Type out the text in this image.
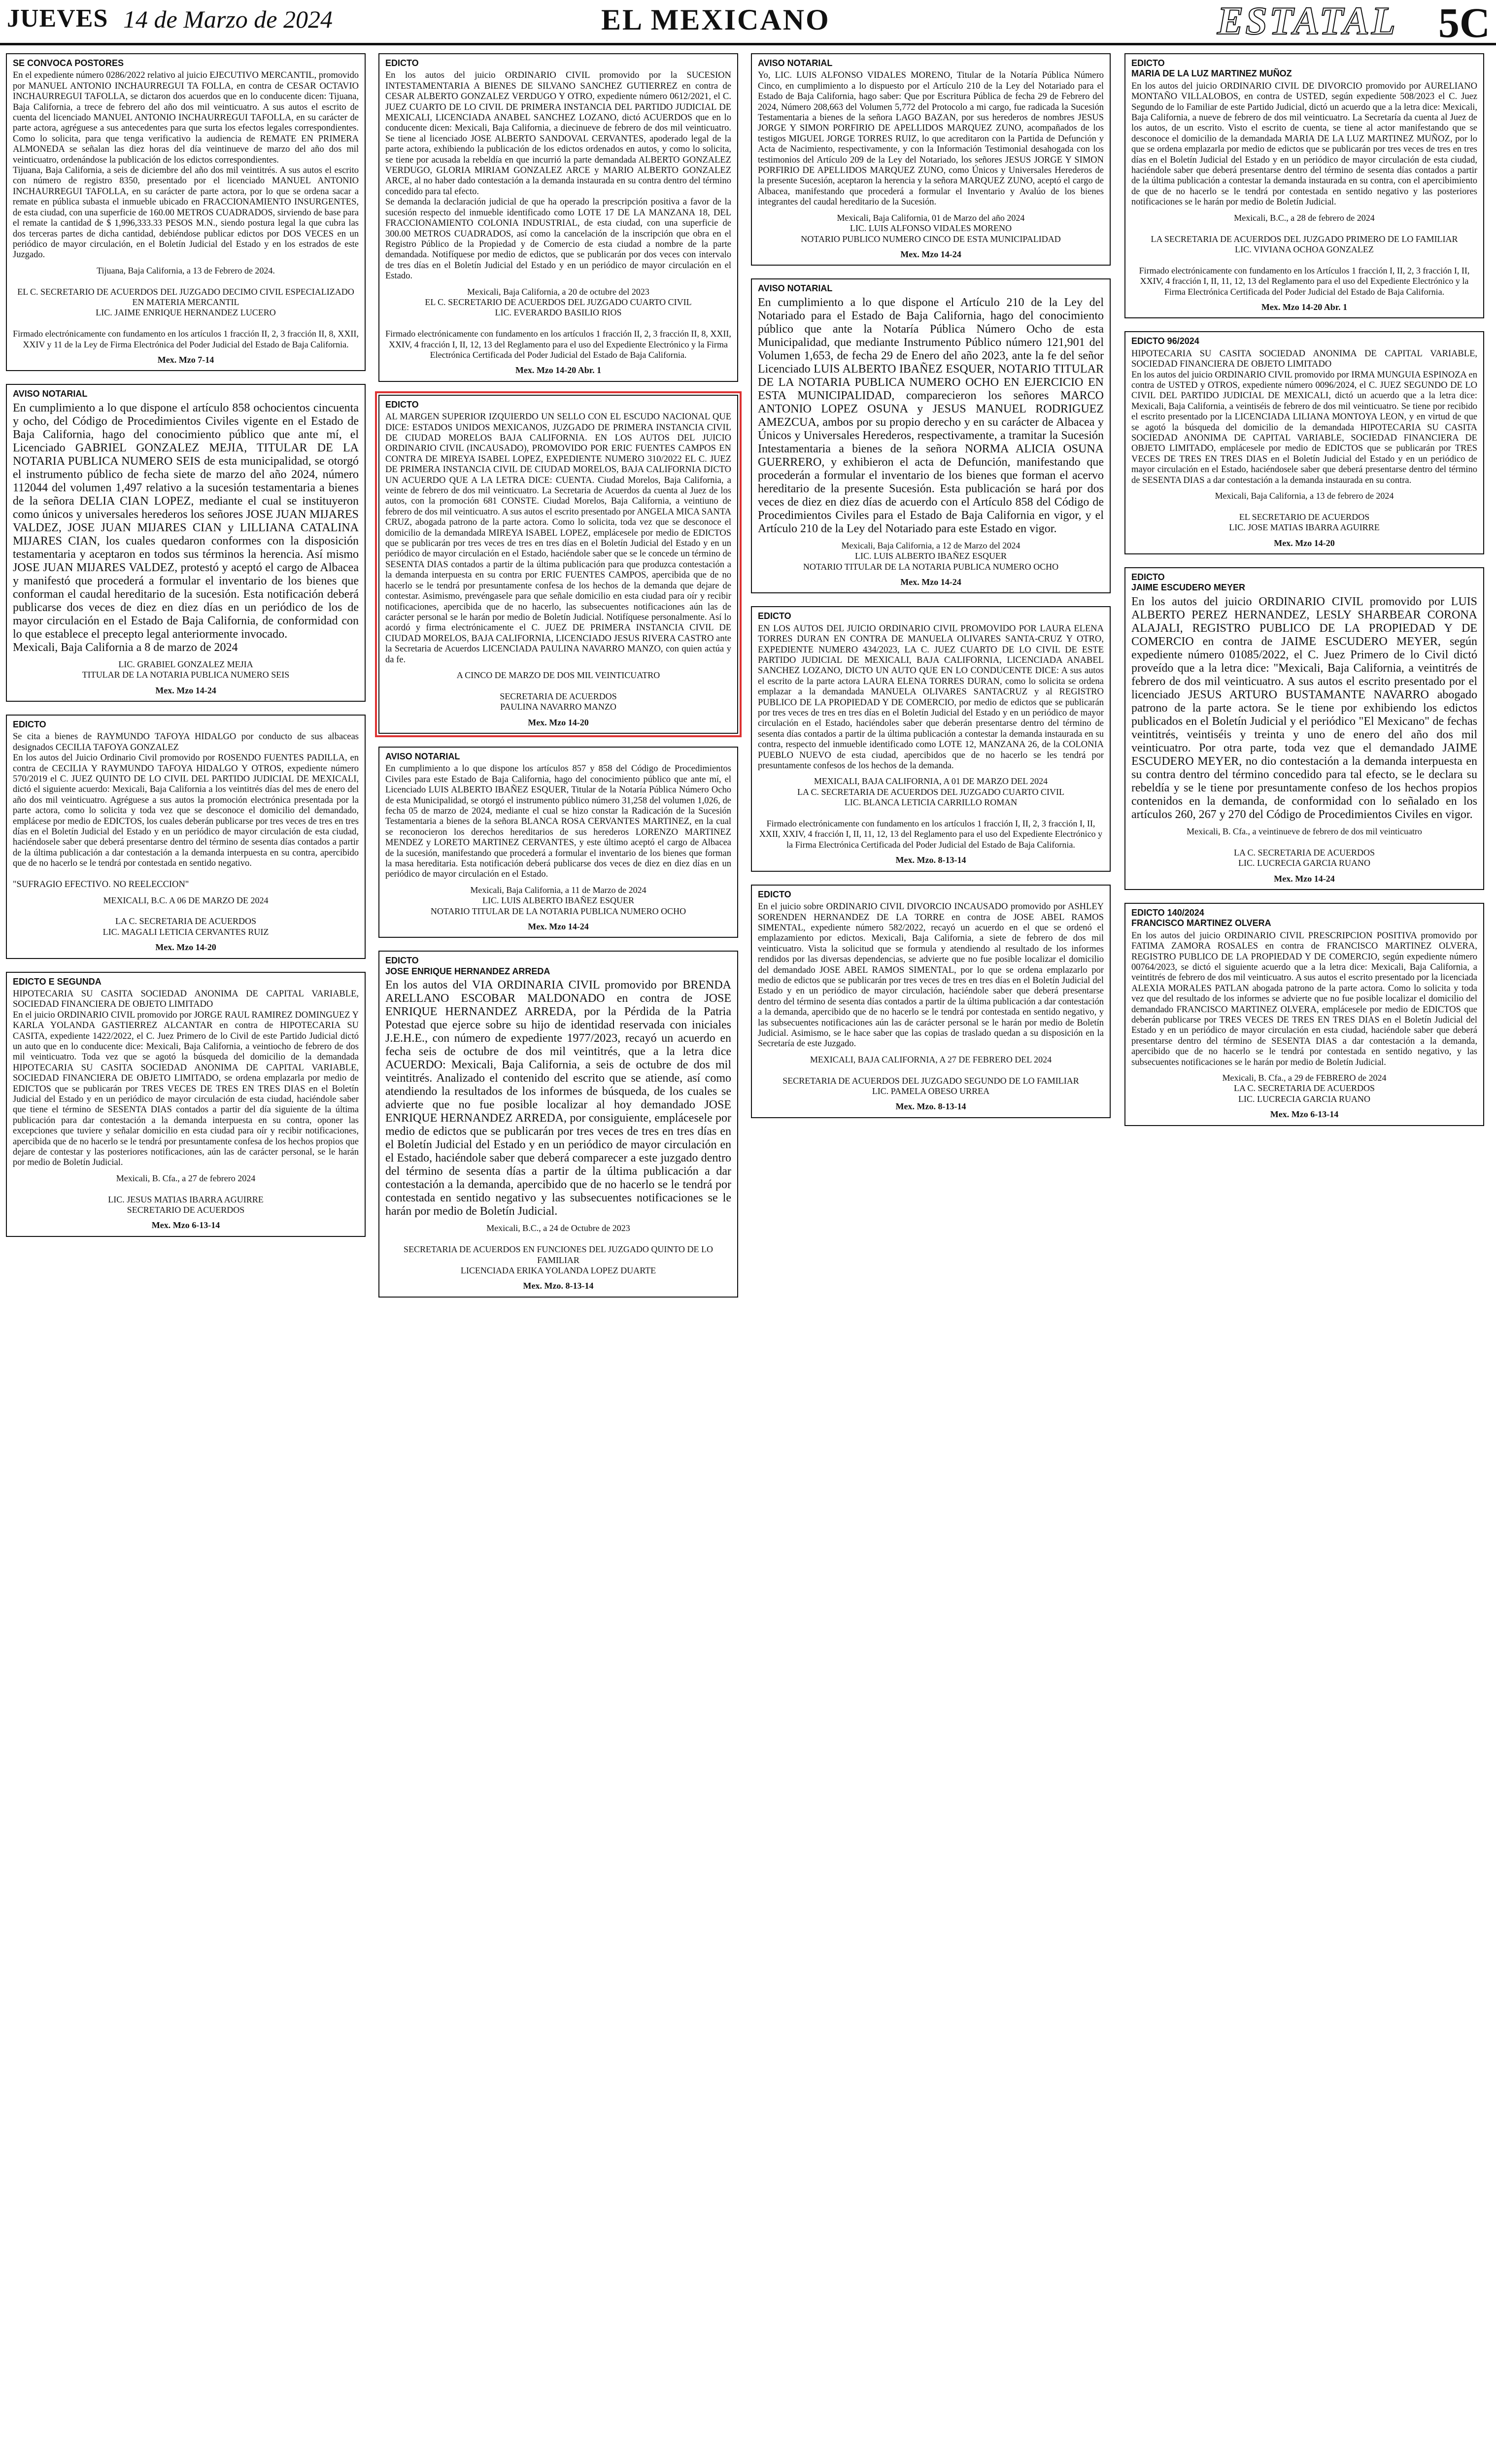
JUEVES 14 de Marzo de 2024	EL MEXICANO	ESTATAL 5C
SE CONVOCA POSTORES
En el expediente número 0286/2022 relativo al juicio EJECUTIVO MERCANTIL, promovido por MANUEL ANTONIO INCHAURREGUI TA FOLLA, en contra de CESAR OCTAVIO INCHAURREGUI TAFOLLA, se dictaron dos acuerdos que en lo conducente dicen: Tijuana, Baja California, a trece de febrero del año dos mil veinticuatro. A sus autos el escrito de cuenta del licenciado MANUEL ANTONIO INCHAURREGUI TAFOLLA, en su carácter de parte actora, agréguese a sus antecedentes para que surta los efectos legales correspondientes. Como lo solicita, para que tenga verificativo la audiencia de REMATE EN PRIMERA ALMONEDA se señalan las diez horas del día veintinueve de marzo del año dos mil veinticuatro, ordenándose la publicación de los edictos correspondientes.
Tijuana, Baja California, a seis de diciembre del año dos mil veintitrés. A sus autos el escrito con número de registro 8350, presentado por el licenciado MANUEL ANTONIO INCHAURREGUI TAFOLLA, en su carácter de parte actora, por lo que se ordena sacar a remate en pública subasta el inmueble ubicado en FRACCIONAMIENTO INSURGENTES, de esta ciudad, con una superficie de 160.00 METROS CUADRADOS, sirviendo de base para el remate la cantidad de $ 1,996,333.33 PESOS M.N., siendo postura legal la que cubra las dos terceras partes de dicha cantidad, debiéndose publicar edictos por DOS VECES en un periódico de mayor circulación, en el Boletín Judicial del Estado y en los estrados de este Juzgado.
Tijuana, Baja California, a 13 de Febrero de 2024.

EL C. SECRETARIO DE ACUERDOS DEL JUZGADO DECIMO CIVIL ESPECIALIZADO EN MATERIA MERCANTIL
LIC. JAIME ENRIQUE HERNANDEZ LUCERO

Firmado electrónicamente con fundamento en los artículos 1 fracción II, 2, 3 fracción II, 8, XXII, XXIV y 11 de la Ley de Firma Electrónica del Poder Judicial del Estado de Baja California.
Mex. Mzo 7-14
AVISO NOTARIAL
En cumplimiento a lo que dispone el artículo 858 ochocientos cincuenta y ocho, del Código de Procedimientos Civiles vigente en el Estado de Baja California, hago del conocimiento público que ante mí, el Licenciado GABRIEL GONZALEZ MEJIA, TITULAR DE LA NOTARIA PUBLICA NUMERO SEIS de esta municipalidad, se otorgó el instrumento público de fecha siete de marzo del año 2024, número 112044 del volumen 1,497 relativo a la sucesión testamentaria a bienes de la señora DELIA CIAN LOPEZ, mediante el cual se instituyeron como únicos y universales herederos los señores JOSE JUAN MIJARES VALDEZ, JOSE JUAN MIJARES CIAN y LILLIANA CATALINA MIJARES CIAN, los cuales quedaron conformes con la disposición testamentaria y aceptaron en todos sus términos la herencia. Así mismo JOSE JUAN MIJARES VALDEZ, protestó y aceptó el cargo de Albacea y manifestó que procederá a formular el inventario de los bienes que conforman el caudal hereditario de la sucesión. Esta notificación deberá publicarse dos veces de diez en diez días en un periódico de los de mayor circulación en el Estado de Baja California, de conformidad con lo que establece el precepto legal anteriormente invocado.
Mexicali, Baja California a 8 de marzo de 2024
LIC. GRABIEL GONZALEZ MEJIA
TITULAR DE LA NOTARIA PUBLICA NUMERO SEIS
Mex. Mzo 14-24
EDICTO
Se cita a bienes de RAYMUNDO TAFOYA HIDALGO por conducto de sus albaceas designados CECILIA TAFOYA GONZALEZ
En los autos del Juicio Ordinario Civil promovido por ROSENDO FUENTES PADILLA, en contra de CECILIA Y RAYMUNDO TAFOYA HIDALGO Y OTROS, expediente número 570/2019 el C. JUEZ QUINTO DE LO CIVIL DEL PARTIDO JUDICIAL DE MEXICALI, dictó el siguiente acuerdo: Mexicali, Baja California a los veintitrés días del mes de enero del año dos mil veinticuatro. Agréguese a sus autos la promoción electrónica presentada por la parte actora, como lo solicita y toda vez que se desconoce el domicilio del demandado, emplácese por medio de EDICTOS, los cuales deberán publicarse por tres veces de tres en tres días en el Boletín Judicial del Estado y en un periódico de mayor circulación de esta ciudad, haciéndosele saber que deberá presentarse dentro del término de sesenta días contados a partir de la última publicación a dar contestación a la demanda interpuesta en su contra, apercibido que de no hacerlo se le tendrá por contestada en sentido negativo.

"SUFRAGIO EFECTIVO. NO REELECCION"
MEXICALI, B.C. A 06 DE MARZO DE 2024

LA C. SECRETARIA DE ACUERDOS
LIC. MAGALI LETICIA CERVANTES RUIZ
Mex. Mzo 14-20
EDICTO E SEGUNDA
HIPOTECARIA SU CASITA SOCIEDAD ANONIMA DE CAPITAL VARIABLE, SOCIEDAD FINANCIERA DE OBJETO LIMITADO
En el juicio ORDINARIO CIVIL promovido por JORGE RAUL RAMIREZ DOMINGUEZ Y KARLA YOLANDA GASTIERREZ ALCANTAR en contra de HIPOTECARIA SU CASITA, expediente 1422/2022, el C. Juez Primero de lo Civil de este Partido Judicial dictó un auto que en lo conducente dice: Mexicali, Baja California, a veintiocho de febrero de dos mil veinticuatro. Toda vez que se agotó la búsqueda del domicilio de la demandada HIPOTECARIA SU CASITA SOCIEDAD ANONIMA DE CAPITAL VARIABLE, SOCIEDAD FINANCIERA DE OBJETO LIMITADO, se ordena emplazarla por medio de EDICTOS que se publicarán por TRES VECES DE TRES EN TRES DIAS en el Boletín Judicial del Estado y en un periódico de mayor circulación de esta ciudad, haciéndole saber que tiene el término de SESENTA DIAS contados a partir del día siguiente de la última publicación para dar contestación a la demanda interpuesta en su contra, oponer las excepciones que tuviere y señalar domicilio en esta ciudad para oír y recibir notificaciones, apercibida que de no hacerlo se le tendrá por presuntamente confesa de los hechos propios que dejare de contestar y las posteriores notificaciones, aún las de carácter personal, se le harán por medio de Boletín Judicial.
Mexicali, B. Cfa., a 27 de febrero 2024

LIC. JESUS MATIAS IBARRA AGUIRRE
SECRETARIO DE ACUERDOS
Mex. Mzo 6-13-14
EDICTO
En los autos del juicio ORDINARIO CIVIL promovido por la SUCESION INTESTAMENTARIA A BIENES DE SILVANO SANCHEZ GUTIERREZ en contra de CESAR ALBERTO GONZALEZ VERDUGO Y OTRO, expediente número 0612/2021, el C. JUEZ CUARTO DE LO CIVIL DE PRIMERA INSTANCIA DEL PARTIDO JUDICIAL DE MEXICALI, LICENCIADA ANABEL SANCHEZ LOZANO, dictó ACUERDOS que en lo conducente dicen: Mexicali, Baja California, a diecinueve de febrero de dos mil veinticuatro. Se tiene al licenciado JOSE ALBERTO SANDOVAL CERVANTES, apoderado legal de la parte actora, exhibiendo la publicación de los edictos ordenados en autos, y como lo solicita, se tiene por acusada la rebeldía en que incurrió la parte demandada ALBERTO GONZALEZ VERDUGO, GLORIA MIRIAM GONZALEZ ARCE y MARIO ALBERTO GONZALEZ ARCE, al no haber dado contestación a la demanda instaurada en su contra dentro del término concedido para tal efecto.
Se demanda la declaración judicial de que ha operado la prescripción positiva a favor de la sucesión respecto del inmueble identificado como LOTE 17 DE LA MANZANA 18, DEL FRACCIONAMIENTO COLONIA INDUSTRIAL, de esta ciudad, con una superficie de 300.00 METROS CUADRADOS, así como la cancelación de la inscripción que obra en el Registro Público de la Propiedad y de Comercio de esta ciudad a nombre de la parte demandada. Notifíquese por medio de edictos, que se publicarán por dos veces con intervalo de tres días en el Boletín Judicial del Estado y en un periódico de mayor circulación en el Estado.
Mexicali, Baja California, a 20 de octubre del 2023
EL C. SECRETARIO DE ACUERDOS DEL JUZGADO CUARTO CIVIL
LIC. EVERARDO BASILIO RIOS

Firmado electrónicamente con fundamento en los artículos 1 fracción II, 2, 3 fracción II, 8, XXII, XXIV, 4 fracción I, II, 12, 13 del Reglamento para el uso del Expediente Electrónico y la Firma Electrónica Certificada del Poder Judicial del Estado de Baja California.
Mex. Mzo 14-20 Abr. 1
EDICTO
AL MARGEN SUPERIOR IZQUIERDO UN SELLO CON EL ESCUDO NACIONAL QUE DICE: ESTADOS UNIDOS MEXICANOS, JUZGADO DE PRIMERA INSTANCIA CIVIL DE CIUDAD MORELOS BAJA CALIFORNIA. EN LOS AUTOS DEL JUICIO ORDINARIO CIVIL (INCAUSADO), PROMOVIDO POR ERIC FUENTES CAMPOS EN CONTRA DE MIREYA ISABEL LOPEZ, EXPEDIENTE NUMERO 310/2022 EL C. JUEZ DE PRIMERA INSTANCIA CIVIL DE CIUDAD MORELOS, BAJA CALIFORNIA DICTO UN ACUERDO QUE A LA LETRA DICE: CUENTA. Ciudad Morelos, Baja California, a veinte de febrero de dos mil veinticuatro. La Secretaria de Acuerdos da cuenta al Juez de los autos, con la promoción 681 CONSTE. Ciudad Morelos, Baja California, a veintiuno de febrero de dos mil veinticuatro. A sus autos el escrito presentado por ANGELA MICA SANTA CRUZ, abogada patrono de la parte actora. Como lo solicita, toda vez que se desconoce el domicilio de la demandada MIREYA ISABEL LOPEZ, emplácesele por medio de EDICTOS que se publicarán por tres veces de tres en tres días en el Boletín Judicial del Estado y en un periódico de mayor circulación en el Estado, haciéndole saber que se le concede un término de SESENTA DIAS contados a partir de la última publicación para que produzca contestación a la demanda interpuesta en su contra por ERIC FUENTES CAMPOS, apercibida que de no hacerlo se le tendrá por presuntamente confesa de los hechos de la demanda que dejare de contestar. Asimismo, prevéngasele para que señale domicilio en esta ciudad para oír y recibir notificaciones, apercibida que de no hacerlo, las subsecuentes notificaciones aún las de carácter personal se le harán por medio de Boletín Judicial. Notifíquese personalmente. Así lo acordó y firma electrónicamente el C. JUEZ DE PRIMERA INSTANCIA CIVIL DE CIUDAD MORELOS, BAJA CALIFORNIA, LICENCIADO JESUS RIVERA CASTRO ante la Secretaria de Acuerdos LICENCIADA PAULINA NAVARRO MANZO, con quien actúa y da fe.
A CINCO DE MARZO DE DOS MIL VEINTICUATRO

SECRETARIA DE ACUERDOS
PAULINA NAVARRO MANZO
Mex. Mzo 14-20
AVISO NOTARIAL
En cumplimiento a lo que dispone los artículos 857 y 858 del Código de Procedimientos Civiles para este Estado de Baja California, hago del conocimiento público que ante mí, el Licenciado LUIS ALBERTO IBAÑEZ ESQUER, Titular de la Notaría Pública Número Ocho de esta Municipalidad, se otorgó el instrumento público número 31,258 del volumen 1,026, de fecha 05 de marzo de 2024, mediante el cual se hizo constar la Radicación de la Sucesión Testamentaria a bienes de la señora BLANCA ROSA CERVANTES MARTINEZ, en la cual se reconocieron los derechos hereditarios de sus herederos LORENZO MARTINEZ MENDEZ y LORETO MARTINEZ CERVANTES, y este último aceptó el cargo de Albacea de la sucesión, manifestando que procederá a formular el inventario de los bienes que forman la masa hereditaria. Esta notificación deberá publicarse dos veces de diez en diez días en un periódico de mayor circulación en el Estado.
Mexicali, Baja California, a 11 de Marzo de 2024
LIC. LUIS ALBERTO IBAÑEZ ESQUER
NOTARIO TITULAR DE LA NOTARIA PUBLICA NUMERO OCHO
Mex. Mzo 14-24
EDICTO
JOSE ENRIQUE HERNANDEZ ARREDA
En los autos del VIA ORDINARIA CIVIL promovido por BRENDA ARELLANO ESCOBAR MALDONADO en contra de JOSE ENRIQUE HERNANDEZ ARREDA, por la Pérdida de la Patria Potestad que ejerce sobre su hijo de identidad reservada con iniciales J.E.H.E., con número de expediente 1977/2023, recayó un acuerdo en fecha seis de octubre de dos mil veintitrés, que a la letra dice ACUERDO: Mexicali, Baja California, a seis de octubre de dos mil veintitrés. Analizado el contenido del escrito que se atiende, así como atendiendo la resultados de los informes de búsqueda, de los cuales se advierte que no fue posible localizar al hoy demandado JOSE ENRIQUE HERNANDEZ ARREDA, por consiguiente, emplácesele por medio de edictos que se publicarán por tres veces de tres en tres días en el Boletín Judicial del Estado y en un periódico de mayor circulación en el Estado, haciéndole saber que deberá comparecer a este juzgado dentro del término de sesenta días a partir de la última publicación a dar contestación a la demanda, apercibido que de no hacerlo se le tendrá por contestada en sentido negativo y las subsecuentes notificaciones se le harán por medio de Boletín Judicial.
Mexicali, B.C., a 24 de Octubre de 2023

SECRETARIA DE ACUERDOS EN FUNCIONES DEL JUZGADO QUINTO DE LO FAMILIAR
LICENCIADA ERIKA YOLANDA LOPEZ DUARTE
Mex. Mzo. 8-13-14
AVISO NOTARIAL
Yo, LIC. LUIS ALFONSO VIDALES MORENO, Titular de la Notaría Pública Número Cinco, en cumplimiento a lo dispuesto por el Artículo 210 de la Ley del Notariado para el Estado de Baja California, hago saber: Que por Escritura Pública de fecha 29 de Febrero del 2024, Número 208,663 del Volumen 5,772 del Protocolo a mi cargo, fue radicada la Sucesión Testamentaria a bienes de la señora LAGO BAZAN, por sus herederos de nombres JESUS JORGE Y SIMON PORFIRIO DE APELLIDOS MARQUEZ ZUNO, acompañados de los testigos MIGUEL JORGE TORRES RUIZ, lo que acreditaron con la Partida de Defunción y Acta de Nacimiento, respectivamente, y con la Información Testimonial desahogada con los testimonios del Artículo 209 de la Ley del Notariado, los señores JESUS JORGE Y SIMON PORFIRIO DE APELLIDOS MARQUEZ ZUNO, como Únicos y Universales Herederos de la presente Sucesión, aceptaron la herencia y la señora MARQUEZ ZUNO, aceptó el cargo de Albacea, manifestando que procederá a formular el Inventario y Avalúo de los bienes integrantes del caudal hereditario de la Sucesión.
Mexicali, Baja California, 01 de Marzo del año 2024
LIC. LUIS ALFONSO VIDALES MORENO
NOTARIO PUBLICO NUMERO CINCO DE ESTA MUNICIPALIDAD
Mex. Mzo 14-24
AVISO NOTARIAL
En cumplimiento a lo que dispone el Artículo 210 de la Ley del Notariado para el Estado de Baja California, hago del conocimiento público que ante la Notaría Pública Número Ocho de esta Municipalidad, que mediante Instrumento Público número 121,901 del Volumen 1,653, de fecha 29 de Enero del año 2023, ante la fe del señor Licenciado LUIS ALBERTO IBAÑEZ ESQUER, NOTARIO TITULAR DE LA NOTARIA PUBLICA NUMERO OCHO EN EJERCICIO EN ESTA MUNICIPALIDAD, comparecieron los señores MARCO ANTONIO LOPEZ OSUNA y JESUS MANUEL RODRIGUEZ AMEZCUA, ambos por su propio derecho y en su carácter de Albacea y Únicos y Universales Herederos, respectivamente, a tramitar la Sucesión Intestamentaria a bienes de la señora NORMA ALICIA OSUNA GUERRERO, y exhibieron el acta de Defunción, manifestando que procederán a formular el inventario de los bienes que forman el acervo hereditario de la presente Sucesión. Esta publicación se hará por dos veces de diez en diez días de acuerdo con el Artículo 858 del Código de Procedimientos Civiles para el Estado de Baja California en vigor, y el Artículo 210 de la Ley del Notariado para este Estado en vigor.
Mexicali, Baja California, a 12 de Marzo del 2024
LIC. LUIS ALBERTO IBAÑEZ ESQUER
NOTARIO TITULAR DE LA NOTARIA PUBLICA NUMERO OCHO
Mex. Mzo 14-24
EDICTO
EN LOS AUTOS DEL JUICIO ORDINARIO CIVIL PROMOVIDO POR LAURA ELENA TORRES DURAN EN CONTRA DE MANUELA OLIVARES SANTA-CRUZ Y OTRO, EXPEDIENTE NUMERO 434/2023, LA C. JUEZ CUARTO DE LO CIVIL DE ESTE PARTIDO JUDICIAL DE MEXICALI, BAJA CALIFORNIA, LICENCIADA ANABEL SANCHEZ LOZANO, DICTO UN AUTO QUE EN LO CONDUCENTE DICE: A sus autos el escrito de la parte actora LAURA ELENA TORRES DURAN, como lo solicita se ordena emplazar a la demandada MANUELA OLIVARES SANTACRUZ y al REGISTRO PUBLICO DE LA PROPIEDAD Y DE COMERCIO, por medio de edictos que se publicarán por tres veces de tres en tres días en el Boletín Judicial del Estado y en un periódico de mayor circulación en el Estado, haciéndoles saber que deberán presentarse dentro del término de sesenta días contados a partir de la última publicación a contestar la demanda instaurada en su contra, respecto del inmueble identificado como LOTE 12, MANZANA 26, de la COLONIA PUEBLO NUEVO de esta ciudad, apercibidos que de no hacerlo se les tendrá por presuntamente confesos de los hechos de la demanda.
MEXICALI, BAJA CALIFORNIA, A 01 DE MARZO DEL 2024
LA C. SECRETARIA DE ACUERDOS DEL JUZGADO CUARTO CIVIL
LIC. BLANCA LETICIA CARRILLO ROMAN

Firmado electrónicamente con fundamento en los artículos 1 fracción I, II, 2, 3 fracción I, II, XXII, XXIV, 4 fracción I, II, 11, 12, 13 del Reglamento para el uso del Expediente Electrónico y la Firma Electrónica Certificada del Poder Judicial del Estado de Baja California.
Mex. Mzo. 8-13-14
EDICTO
En el juicio sobre ORDINARIO CIVIL DIVORCIO INCAUSADO promovido por ASHLEY SORENDEN HERNANDEZ DE LA TORRE en contra de JOSE ABEL RAMOS SIMENTAL, expediente número 582/2022, recayó un acuerdo en el que se ordenó el emplazamiento por edictos. Mexicali, Baja California, a siete de febrero de dos mil veinticuatro. Vista la solicitud que se formula y atendiendo al resultado de los informes rendidos por las diversas dependencias, se advierte que no fue posible localizar el domicilio del demandado JOSE ABEL RAMOS SIMENTAL, por lo que se ordena emplazarlo por medio de edictos que se publicarán por tres veces de tres en tres días en el Boletín Judicial del Estado y en un periódico de mayor circulación, haciéndole saber que deberá presentarse dentro del término de sesenta días contados a partir de la última publicación a dar contestación a la demanda, apercibido que de no hacerlo se le tendrá por contestada en sentido negativo, y las subsecuentes notificaciones aún las de carácter personal se le harán por medio de Boletín Judicial. Asimismo, se le hace saber que las copias de traslado quedan a su disposición en la Secretaría de este Juzgado.
MEXICALI, BAJA CALIFORNIA, A 27 DE FEBRERO DEL 2024

SECRETARIA DE ACUERDOS DEL JUZGADO SEGUNDO DE LO FAMILIAR
LIC. PAMELA OBESO URREA
Mex. Mzo. 8-13-14
EDICTO
MARIA DE LA LUZ MARTINEZ MUÑOZ
En los autos del juicio ORDINARIO CIVIL DE DIVORCIO promovido por AURELIANO MONTAÑO VILLALOBOS, en contra de USTED, según expediente 508/2023 el C. Juez Segundo de lo Familiar de este Partido Judicial, dictó un acuerdo que a la letra dice: Mexicali, Baja California, a nueve de febrero de dos mil veinticuatro. La Secretaría da cuenta al Juez de los autos, de un escrito. Visto el escrito de cuenta, se tiene al actor manifestando que se desconoce el domicilio de la demandada MARIA DE LA LUZ MARTINEZ MUÑOZ, por lo que se ordena emplazarla por medio de edictos que se publicarán por tres veces de tres en tres días en el Boletín Judicial del Estado y en un periódico de mayor circulación de esta ciudad, haciéndole saber que deberá presentarse dentro del término de sesenta días contados a partir de la última publicación a contestar la demanda instaurada en su contra, con el apercibimiento de que de no hacerlo se le tendrá por contestada en sentido negativo y las posteriores notificaciones se le harán por medio de Boletín Judicial.
Mexicali, B.C., a 28 de febrero de 2024

LA SECRETARIA DE ACUERDOS DEL JUZGADO PRIMERO DE LO FAMILIAR
LIC. VIVIANA OCHOA GONZALEZ

Firmado electrónicamente con fundamento en los Artículos 1 fracción I, II, 2, 3 fracción I, II, XXIV, 4 fracción I, II, 11, 12, 13 del Reglamento para el uso del Expediente Electrónico y la Firma Electrónica Certificada del Poder Judicial del Estado de Baja California.
Mex. Mzo 14-20 Abr. 1
EDICTO 96/2024
HIPOTECARIA SU CASITA SOCIEDAD ANONIMA DE CAPITAL VARIABLE, SOCIEDAD FINANCIERA DE OBJETO LIMITADO
En los autos del juicio ORDINARIO CIVIL promovido por IRMA MUNGUIA ESPINOZA en contra de USTED y OTROS, expediente número 0096/2024, el C. JUEZ SEGUNDO DE LO CIVIL DEL PARTIDO JUDICIAL DE MEXICALI, dictó un acuerdo que a la letra dice: Mexicali, Baja California, a veintiséis de febrero de dos mil veinticuatro. Se tiene por recibido el escrito presentado por la LICENCIADA LILIANA MONTOYA LEON, y en virtud de que se agotó la búsqueda del domicilio de la demandada HIPOTECARIA SU CASITA SOCIEDAD ANONIMA DE CAPITAL VARIABLE, SOCIEDAD FINANCIERA DE OBJETO LIMITADO, emplácesele por medio de EDICTOS que se publicarán por TRES VECES DE TRES EN TRES DIAS en el Boletín Judicial del Estado y en un periódico de mayor circulación en el Estado, haciéndosele saber que deberá presentarse dentro del término de SESENTA DIAS a dar contestación a la demanda instaurada en su contra.
Mexicali, Baja California, a 13 de febrero de 2024

EL SECRETARIO DE ACUERDOS
LIC. JOSE MATIAS IBARRA AGUIRRE
Mex. Mzo 14-20
EDICTO
JAIME ESCUDERO MEYER
En los autos del juicio ORDINARIO CIVIL promovido por LUIS ALBERTO PEREZ HERNANDEZ, LESLY SHARBEAR CORONA ALAJALI, REGISTRO PUBLICO DE LA PROPIEDAD Y DE COMERCIO en contra de JAIME ESCUDERO MEYER, según expediente número 01085/2022, el C. Juez Primero de lo Civil dictó proveído que a la letra dice: "Mexicali, Baja California, a veintitrés de febrero de dos mil veinticuatro. A sus autos el escrito presentado por el licenciado JESUS ARTURO BUSTAMANTE NAVARRO abogado patrono de la parte actora. Se le tiene por exhibiendo los edictos publicados en el Boletín Judicial y el periódico "El Mexicano" de fechas veintitrés, veintiséis y treinta y uno de enero del año dos mil veinticuatro. Por otra parte, toda vez que el demandado JAIME ESCUDERO MEYER, no dio contestación a la demanda interpuesta en su contra dentro del término concedido para tal efecto, se le declara su rebeldía y se le tiene por presuntamente confeso de los hechos propios contenidos en la demanda, de conformidad con lo señalado en los artículos 260, 267 y 270 del Código de Procedimientos Civiles en vigor.
Mexicali, B. Cfa., a veintinueve de febrero de dos mil veinticuatro

LA C. SECRETARIA DE ACUERDOS
LIC. LUCRECIA GARCIA RUANO
Mex. Mzo 14-24
EDICTO 140/2024
FRANCISCO MARTINEZ OLVERA
En los autos del juicio ORDINARIO CIVIL PRESCRIPCION POSITIVA promovido por FATIMA ZAMORA ROSALES en contra de FRANCISCO MARTINEZ OLVERA, REGISTRO PUBLICO DE LA PROPIEDAD Y DE COMERCIO, según expediente número 00764/2023, se dictó el siguiente acuerdo que a la letra dice: Mexicali, Baja California, a veintitrés de febrero de dos mil veinticuatro. A sus autos el escrito presentado por la licenciada ALEXIA MORALES PATLAN abogada patrono de la parte actora. Como lo solicita y toda vez que del resultado de los informes se advierte que no fue posible localizar el domicilio del demandado FRANCISCO MARTINEZ OLVERA, emplácesele por medio de EDICTOS que deberán publicarse por TRES VECES DE TRES EN TRES DIAS en el Boletín Judicial del Estado y en un periódico de mayor circulación en esta ciudad, haciéndole saber que deberá presentarse dentro del término de SESENTA DIAS a dar contestación a la demanda, apercibido que de no hacerlo se le tendrá por contestada en sentido negativo, y las subsecuentes notificaciones se le harán por medio de Boletín Judicial.
Mexicali, B. Cfa., a 29 de FEBRERO de 2024
LA C. SECRETARIA DE ACUERDOS
LIC. LUCRECIA GARCIA RUANO
Mex. Mzo 6-13-14
